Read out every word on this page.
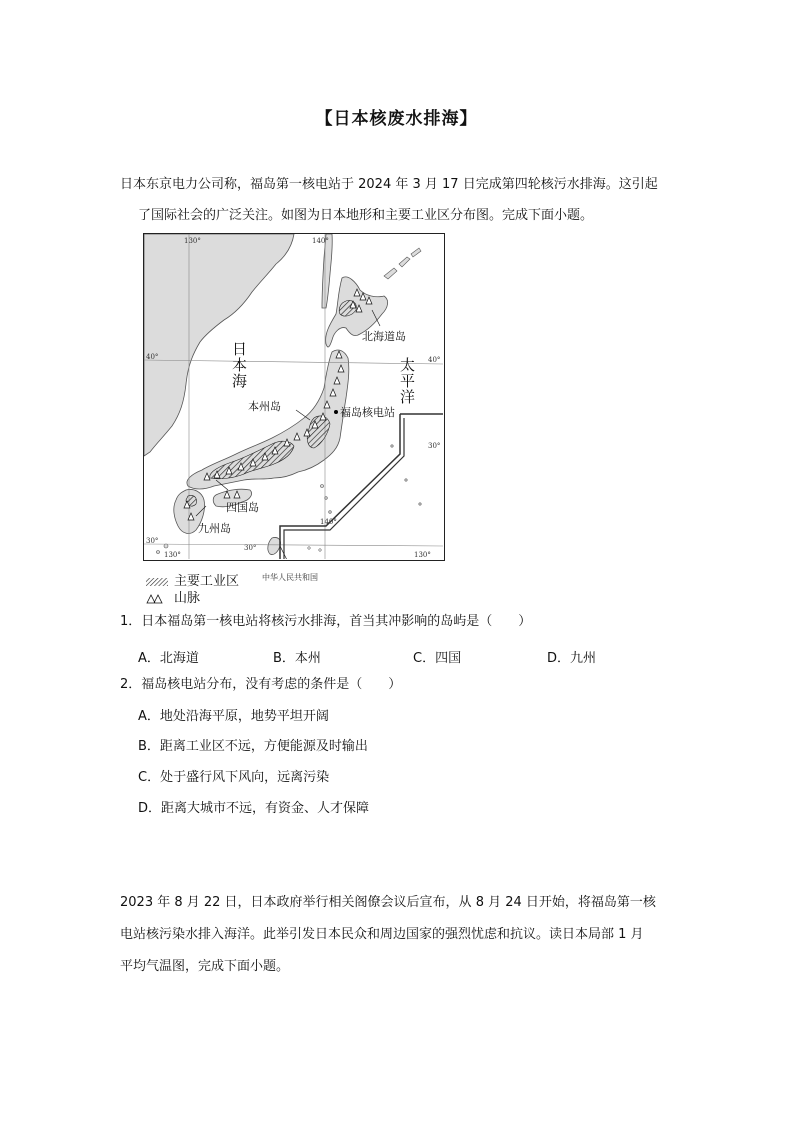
【日本核废水排海】
日本东京电力公司称，福岛第一核电站于 2024 年 3 月 17 日完成第四轮核污水排海。这引起
了国际社会的广泛关注。如图为日本地形和主要工业区分布图。完成下面小题。
130°	140°
40°	40°
30°
30°
130°	130°
140°
30°
日
本
海
太
平
洋
北海道岛
本州岛	福岛核电站
四国岛
九州岛
中华人民共和国
主要工业区
山脉
1．日本福岛第一核电站将核污水排海，首当其冲影响的岛屿是（　　）
A．北海道	B．本州	C．四国	D．九州
2．福岛核电站分布，没有考虑的条件是（　　）
A．地处沿海平原，地势平坦开阔
B．距离工业区不远，方便能源及时输出
C．处于盛行风下风向，远离污染
D．距离大城市不远，有资金、人才保障
2023 年 8 月 22 日，日本政府举行相关阁僚会议后宣布，从 8 月 24 日开始，将福岛第一核
电站核污染水排入海洋。此举引发日本民众和周边国家的强烈忧虑和抗议。读日本局部 1 月
平均气温图，完成下面小题。
